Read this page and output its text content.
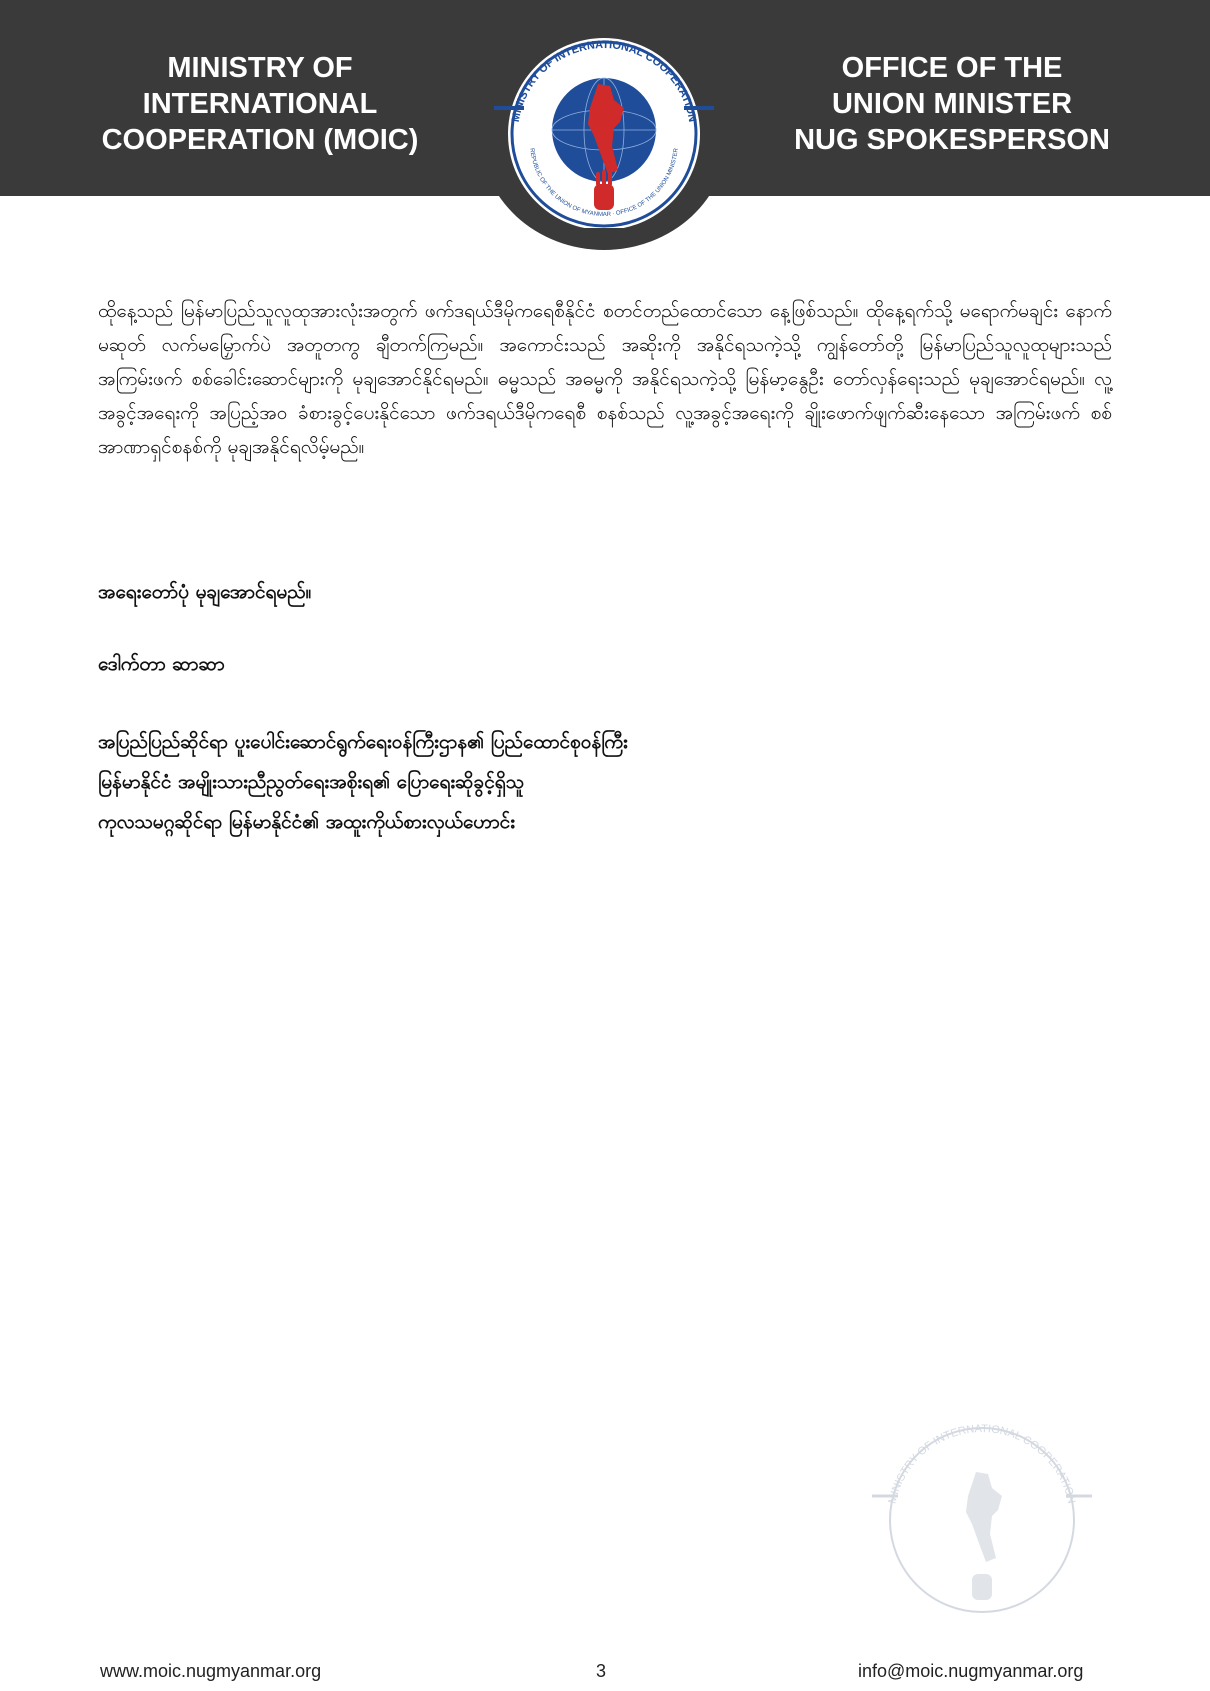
MINISTRY OF
INTERNATIONAL
COOPERATION (MOIC)
OFFICE OF THE
UNION MINISTER
NUG SPOKESPERSON
MINISTRY OF INTERNATIONAL COOPERATION
REPUBLIC OF THE UNION OF MYANMAR · OFFICE OF THE UNION MINISTER
ထိုနေ့သည် မြန်မာပြည်သူလူထုအားလုံးအတွက် ဖက်ဒရယ်ဒီမိုကရေစီနိုင်ငံ စတင်တည်ထောင်သော နေ့ဖြစ်သည်။ ထိုနေ့ရက်သို့ မရောက်မချင်း နောက်မဆုတ် လက်မမြှောက်ပဲ အတူတကွ ချီတက်ကြမည်။ အကောင်းသည် အဆိုးကို အနိုင်ရသကဲ့သို့ ကျွန်တော်တို့ မြန်မာပြည်သူလူထုများသည် အကြမ်းဖက် စစ်ခေါင်းဆောင်များကို မုချအောင်နိုင်ရမည်။ ဓမ္မသည် အဓမ္မကို အနိုင်ရသကဲ့သို့ မြန်မာ့နွေဦး တော်လှန်ရေးသည် မုချအောင်ရမည်။ လူ့အခွင့်အရေးကို အပြည့်အဝ ခံစားခွင့်ပေးနိုင်သော ဖက်ဒရယ်ဒီမိုကရေစီ စနစ်သည် လူ့အခွင့်အရေးကို ချိုးဖောက်ဖျက်ဆီးနေသော အကြမ်းဖက် စစ်အာဏာရှင်စနစ်ကို မုချအနိုင်ရလိမ့်မည်။
အရေးတော်ပုံ မုချအောင်ရမည်။
ဒေါက်တာ ဆာဆာ
အပြည်ပြည်ဆိုင်ရာ ပူးပေါင်းဆောင်ရွက်ရေးဝန်ကြီးဌာန၏ ပြည်ထောင်စုဝန်ကြီး
မြန်မာနိုင်ငံ အမျိုးသားညီညွတ်ရေးအစိုးရ၏ ပြောရေးဆိုခွင့်ရှိသူ
ကုလသမဂ္ဂဆိုင်ရာ မြန်မာနိုင်ငံ၏ အထူးကိုယ်စားလှယ်ဟောင်း
MINISTRY OF INTERNATIONAL COOPERATION
www.moic.nugmyanmar.org	3	info@moic.nugmyanmar.org
